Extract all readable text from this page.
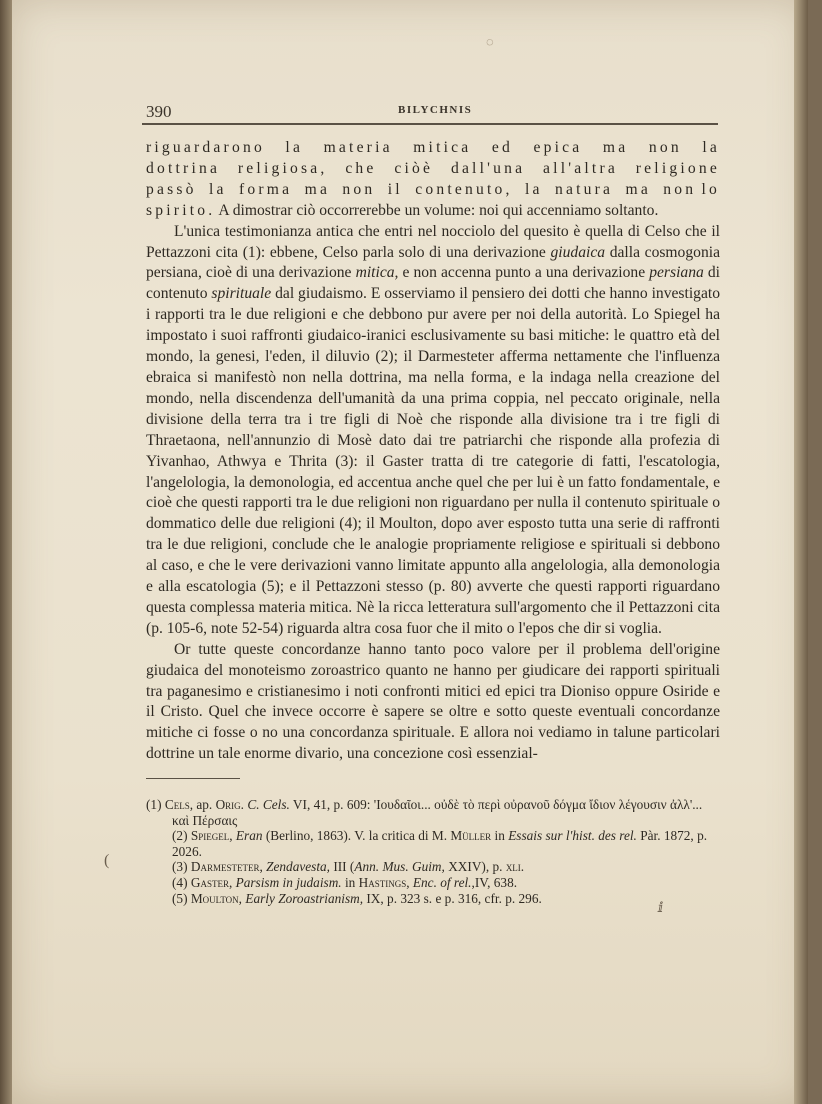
◌
390	BILYCHNIS

riguardarono la materia mitica ed epica ma non la dottrina religiosa, che ciòè dall'una all'altra religione passò la forma ma non il contenuto, la natura ma non lo spirito. A dimostrar ciò occorrerebbe un volume: noi qui accenniamo soltanto.

L'unica testimonianza antica che entri nel nocciolo del quesito è quella di Celso che il Pettazzoni cita (1): ebbene, Celso parla solo di una derivazione giudaica dalla cosmogonia persiana, cioè di una derivazione mitica, e non accenna punto a una derivazione persiana di contenuto spirituale dal giudaismo. E osserviamo il pensiero dei dotti che hanno investigato i rapporti tra le due religioni e che debbono pur avere per noi della autorità. Lo Spiegel ha impostato i suoi raffronti giudaico-iranici esclusivamente su basi mitiche: le quattro età del mondo, la genesi, l'eden, il diluvio (2); il Darmesteter afferma nettamente che l'influenza ebraica si manifestò non nella dottrina, ma nella forma, e la indaga nella creazione del mondo, nella discendenza dell'umanità da una prima coppia, nel peccato originale, nella divisione della terra tra i tre figli di Noè che risponde alla divisione tra i tre figli di Thraetaona, nell'annunzio di Mosè dato dai tre patriarchi che risponde alla profezia di Yivanhao, Athwya e Thrita (3): il Gaster tratta di tre categorie di fatti, l'escatologia, l'angelologia, la demonologia, ed accentua anche quel che per lui è un fatto fondamentale, e cioè che questi rapporti tra le due religioni non riguardano per nulla il contenuto spirituale o dommatico delle due religioni (4); il Moulton, dopo aver esposto tutta una serie di raffronti tra le due religioni, conclude che le analogie propriamente religiose e spirituali si debbono al caso, e che le vere derivazioni vanno limitate appunto alla angelologia, alla demonologia e alla escatologia (5); e il Pettazzoni stesso (p. 80) avverte che questi rapporti riguardano questa complessa materia mitica. Nè la ricca letteratura sull'argomento che il Pettazzoni cita (p. 105-6, note 52-54) riguarda altra cosa fuor che il mito o l'epos che dir si voglia.

Or tutte queste concordanze hanno tanto poco valore per il problema dell'origine giudaica del monoteismo zoroastrico quanto ne hanno per giudicare dei rapporti spirituali tra paganesimo e cristianesimo i noti confronti mitici ed epici tra Dioniso oppure Osiride e il Cristo. Quel che invece occorre è sapere se oltre e sotto queste eventuali concordanze mitiche ci fosse o no una concordanza spirituale. E allora noi vediamo in talune particolari dottrine un tale enorme divario, una concezione così essenzial-

(1) Cels, ap. Orig. C. Cels. VI, 41, p. 609: 'Ιουδαῖοι... οὐδὲ τὸ περὶ οὐρανοῦ δόγμα ἴδιον λέγουσιν ἀλλ'... καὶ Πέρσαις

(2) Spiegel, Eran (Berlino, 1863). V. la critica di M. Müller in Essais sur l'hist. des rel. Pàr. 1872, p. 2026.

(3) Darmesteter, Zendavesta, III (Ann. Mus. Guim, XXIV), p. xli.

(4) Gaster, Parsism in judaism. in Hastings, Enc. of rel.,IV, 638.

(5) Moulton, Early Zoroastrianism, IX, p. 323 s. e p. 316, cfr. p. 296.

(
ⅈ
